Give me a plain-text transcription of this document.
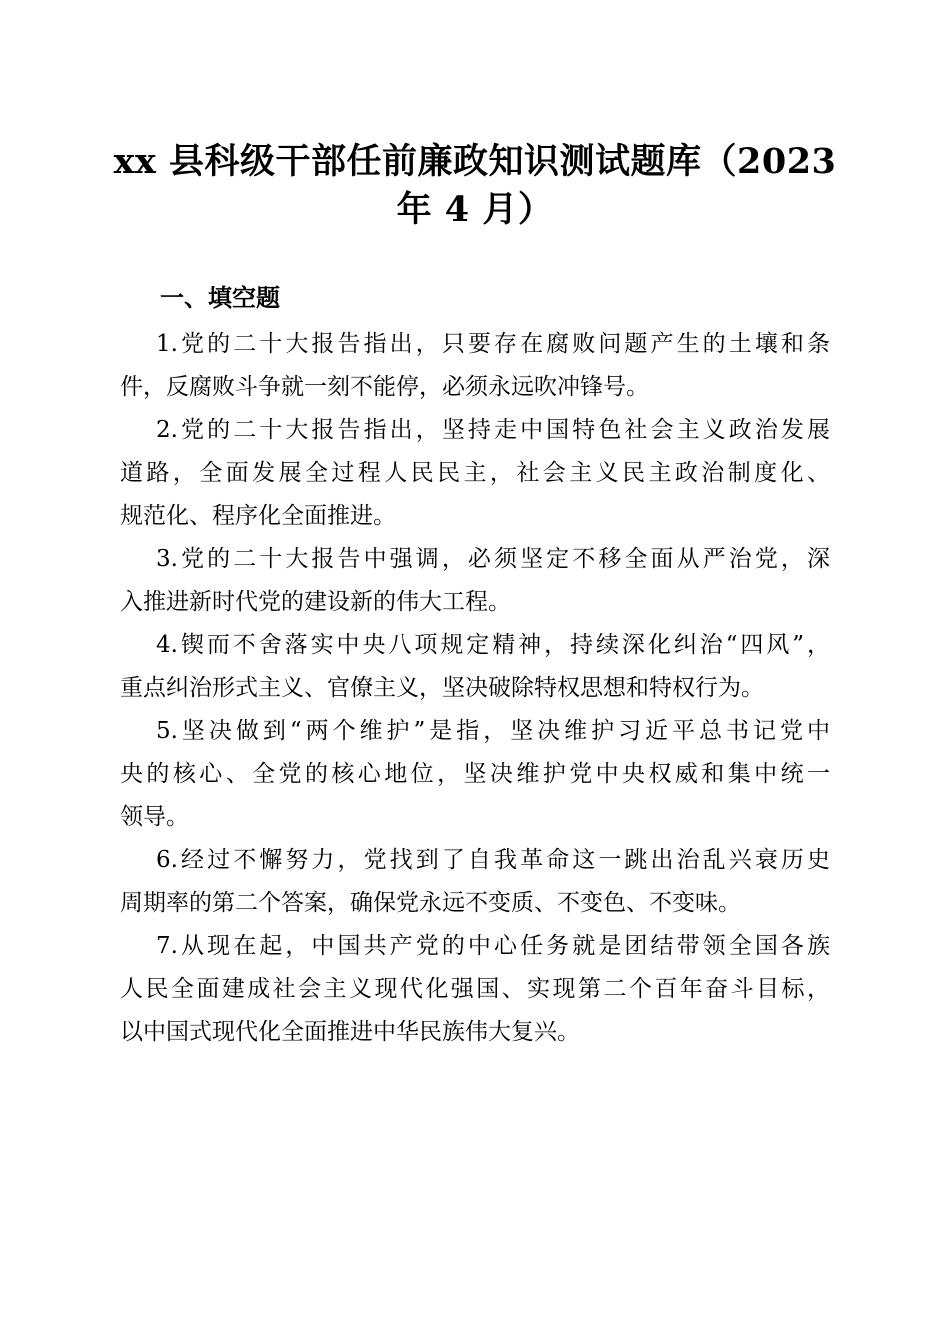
xx 县科级干部任前廉政知识测试题库（2023
年 4 月）
一、填空题

1.党的二十大报告指出，只要存在腐败问题产生的土壤和条
件，反腐败斗争就一刻不能停，必须永远吹冲锋号。

2.党的二十大报告指出，坚持走中国特色社会主义政治发展
道路，全面发展全过程人民民主，社会主义民主政治制度化、
规范化、程序化全面推进。

3.党的二十大报告中强调，必须坚定不移全面从严治党，深
入推进新时代党的建设新的伟大工程。

4.锲而不舍落实中央八项规定精神，持续深化纠治“四风”，
重点纠治形式主义、官僚主义，坚决破除特权思想和特权行为。

5.坚决做到“两个维护”是指，坚决维护习近平总书记党中
央的核心、全党的核心地位，坚决维护党中央权威和集中统一
领导。

6.经过不懈努力，党找到了自我革命这一跳出治乱兴衰历史
周期率的第二个答案，确保党永远不变质、不变色、不变味。

7.从现在起，中国共产党的中心任务就是团结带领全国各族
人民全面建成社会主义现代化强国、实现第二个百年奋斗目标，
以中国式现代化全面推进中华民族伟大复兴。
